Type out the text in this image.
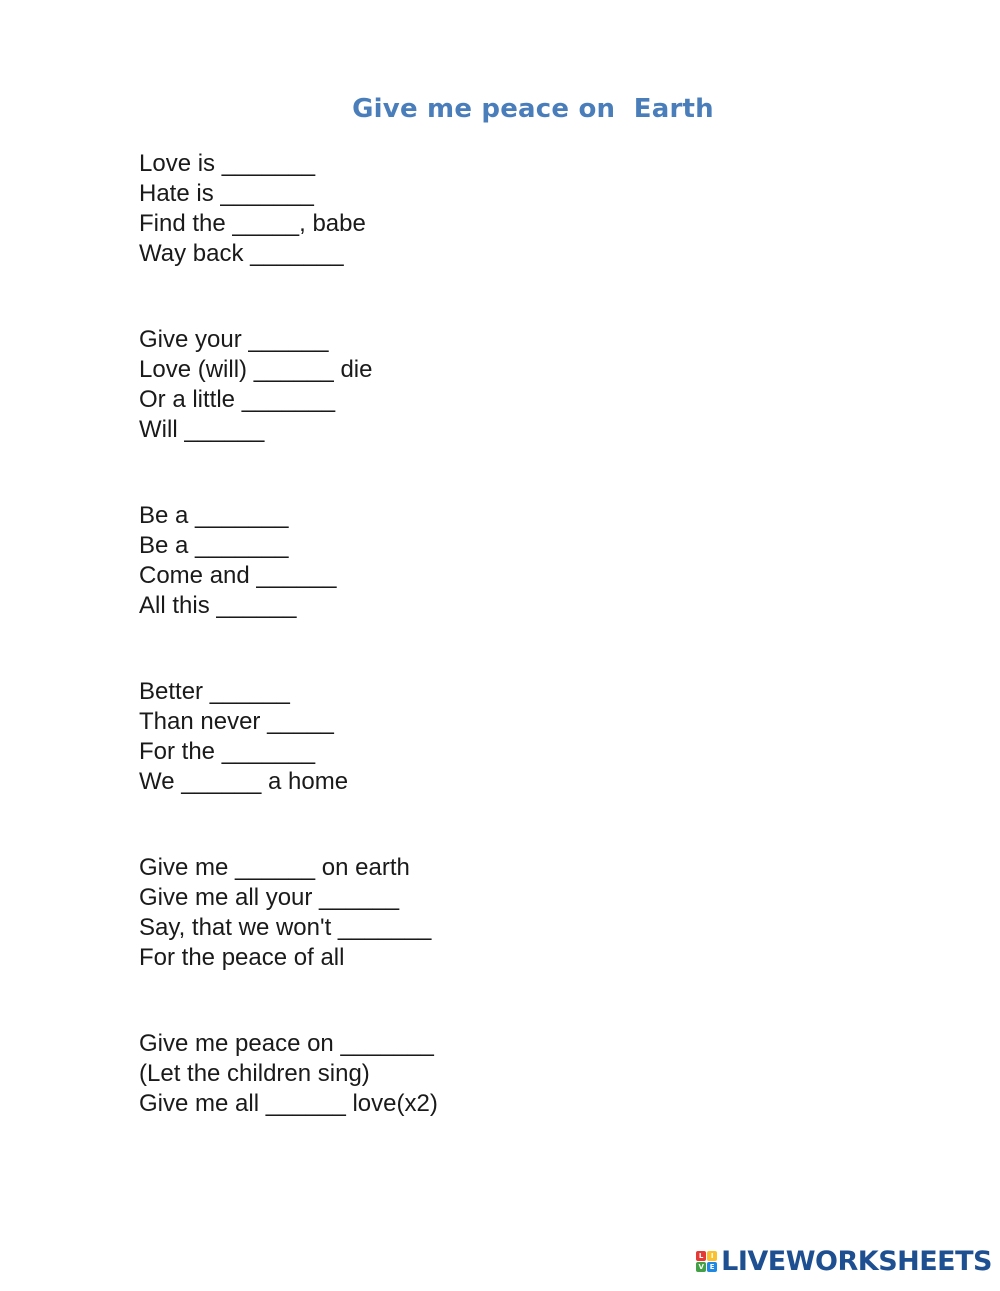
Give me peace on  Earth
Love is _______
Hate is _______
Find the _____, babe
Way back _______
Give your ______
Love (will) ______ die
Or a little _______
Will ______
Be a _______
Be a _______
Come and ______
All this ______
Better ______
Than never _____
For the _______
We ______ a home
Give me ______ on earth
Give me all your ______
Say, that we won't _______
For the peace of all
Give me peace on _______
(Let the children sing)
Give me all ______ love(x2)
L	I
V E LIVEWORKSHEETS
